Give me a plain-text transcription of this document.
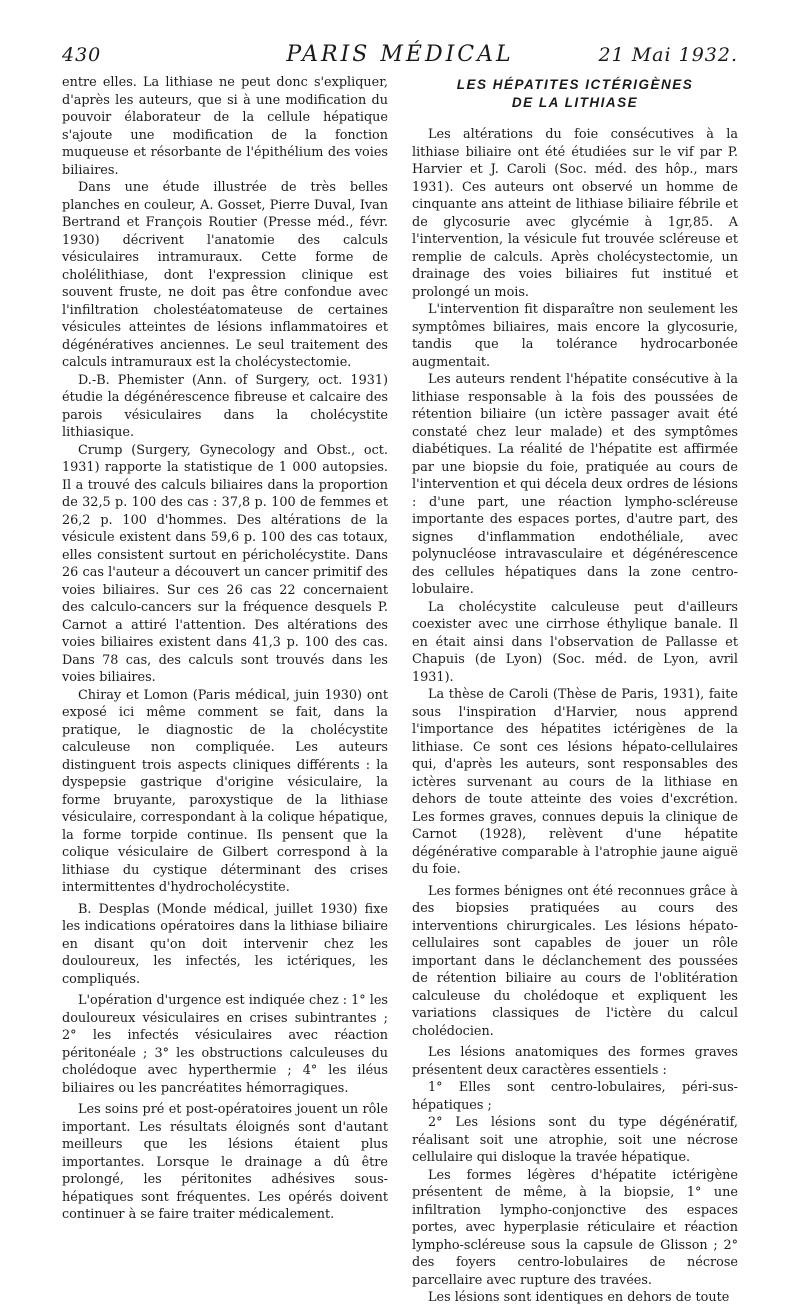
430	PARIS MÉDICAL	21 Mai 1932.

entre elles. La lithiase ne peut donc s'expliquer, d'après les auteurs, que si à une modification du pouvoir élaborateur de la cellule hépatique s'ajoute une modification de la fonction muqueuse et résorbante de l'épithélium des voies biliaires.

Dans une étude illustrée de très belles planches en couleur, A. Gosset, Pierre Duval, Ivan Bertrand et François Routier (Presse méd., févr. 1930) décrivent l'anatomie des calculs vésiculaires intramuraux. Cette forme de cholélithiase, dont l'expression clinique est souvent fruste, ne doit pas être confondue avec l'infiltration cholestéatomateuse de certaines vésicules atteintes de lésions inflammatoires et dégénératives anciennes. Le seul traitement des calculs intramuraux est la cholécystectomie.

D.-B. Phemister (Ann. of Surgery, oct. 1931) étudie la dégénérescence fibreuse et calcaire des parois vésiculaires dans la cholécystite lithiasique.

Crump (Surgery, Gynecology and Obst., oct. 1931) rapporte la statistique de 1 000 autopsies. Il a trouvé des calculs biliaires dans la proportion de 32,5 p. 100 des cas : 37,8 p. 100 de femmes et 26,2 p. 100 d'hommes. Des altérations de la vésicule existent dans 59,6 p. 100 des cas totaux, elles consistent surtout en péricholécystite. Dans 26 cas l'auteur a découvert un cancer primitif des voies biliaires. Sur ces 26 cas 22 concernaient des calculo-cancers sur la fréquence desquels P. Carnot a attiré l'attention. Des altérations des voies biliaires existent dans 41,3 p. 100 des cas. Dans 78 cas, des calculs sont trouvés dans les voies biliaires.

Chiray et Lomon (Paris médical, juin 1930) ont exposé ici même comment se fait, dans la pratique, le diagnostic de la cholécystite calculeuse non compliquée. Les auteurs distinguent trois aspects cliniques différents : la dyspepsie gastrique d'origine vésiculaire, la forme bruyante, paroxystique de la lithiase vésiculaire, correspondant à la colique hépatique, la forme torpide continue. Ils pensent que la colique vésiculaire de Gilbert correspond à la lithiase du cystique déterminant des crises intermittentes d'hydrocholécystite.

B. Desplas (Monde médical, juillet 1930) fixe les indications opératoires dans la lithiase biliaire en disant qu'on doit intervenir chez les douloureux, les infectés, les ictériques, les compliqués.

L'opération d'urgence est indiquée chez : 1° les douloureux vésiculaires en crises subintrantes ; 2° les infectés vésiculaires avec réaction péritonéale ; 3° les obstructions calculeuses du cholédoque avec hyperthermie ; 4° les iléus biliaires ou les pancréatites hémorragiques.

Les soins pré et post-opératoires jouent un rôle important. Les résultats éloignés sont d'autant meilleurs que les lésions étaient plus importantes. Lorsque le drainage a dû être prolongé, les péritonites adhésives sous-hépatiques sont fréquentes. Les opérés doivent continuer à se faire traiter médicalement.

LES HÉPATITES ICTÉRIGÈNES
DE LA LITHIASE

Les altérations du foie consécutives à la lithiase biliaire ont été étudiées sur le vif par P. Harvier et J. Caroli (Soc. méd. des hôp., mars 1931). Ces auteurs ont observé un homme de cinquante ans atteint de lithiase biliaire fébrile et de glycosurie avec glycémie à 1gr,85. A l'intervention, la vésicule fut trouvée scléreuse et remplie de calculs. Après cholécystectomie, un drainage des voies biliaires fut institué et prolongé un mois.

L'intervention fit disparaître non seulement les symptômes biliaires, mais encore la glycosurie, tandis que la tolérance hydrocarbonée augmentait.

Les auteurs rendent l'hépatite consécutive à la lithiase responsable à la fois des poussées de rétention biliaire (un ictère passager avait été constaté chez leur malade) et des symptômes diabétiques. La réalité de l'hépatite est affirmée par une biopsie du foie, pratiquée au cours de l'intervention et qui décela deux ordres de lésions : d'une part, une réaction lympho-scléreuse importante des espaces portes, d'autre part, des signes d'inflammation endothéliale, avec polynucléose intravasculaire et dégénérescence des cellules hépatiques dans la zone centro-lobulaire.

La cholécystite calculeuse peut d'ailleurs coexister avec une cirrhose éthylique banale. Il en était ainsi dans l'observation de Pallasse et Chapuis (de Lyon) (Soc. méd. de Lyon, avril 1931).

La thèse de Caroli (Thèse de Paris, 1931), faite sous l'inspiration d'Harvier, nous apprend l'importance des hépatites ictérigènes de la lithiase. Ce sont ces lésions hépato-cellulaires qui, d'après les auteurs, sont responsables des ictères survenant au cours de la lithiase en dehors de toute atteinte des voies d'excrétion. Les formes graves, connues depuis la clinique de Carnot (1928), relèvent d'une hépatite dégénérative comparable à l'atrophie jaune aiguë du foie.

Les formes bénignes ont été reconnues grâce à des biopsies pratiquées au cours des interventions chirurgicales. Les lésions hépato-cellulaires sont capables de jouer un rôle important dans le déclanchement des poussées de rétention biliaire au cours de l'oblitération calculeuse du cholédoque et expliquent les variations classiques de l'ictère du calcul cholédocien.

Les lésions anatomiques des formes graves présentent deux caractères essentiels :

1° Elles sont centro-lobulaires, péri-sus-hépatiques ;

2° Les lésions sont du type dégénératif, réalisant soit une atrophie, soit une nécrose cellulaire qui disloque la travée hépatique.

Les formes légères d'hépatite ictérigène présentent de même, à la biopsie, 1° une infiltration lympho-conjonctive des espaces portes, avec hyperplasie réticulaire et réaction lympho-scléreuse sous la capsule de Glisson ; 2° des foyers centro-lobulaires de nécrose parcellaire avec rupture des travées.

Les lésions sont identiques en dehors de toute
